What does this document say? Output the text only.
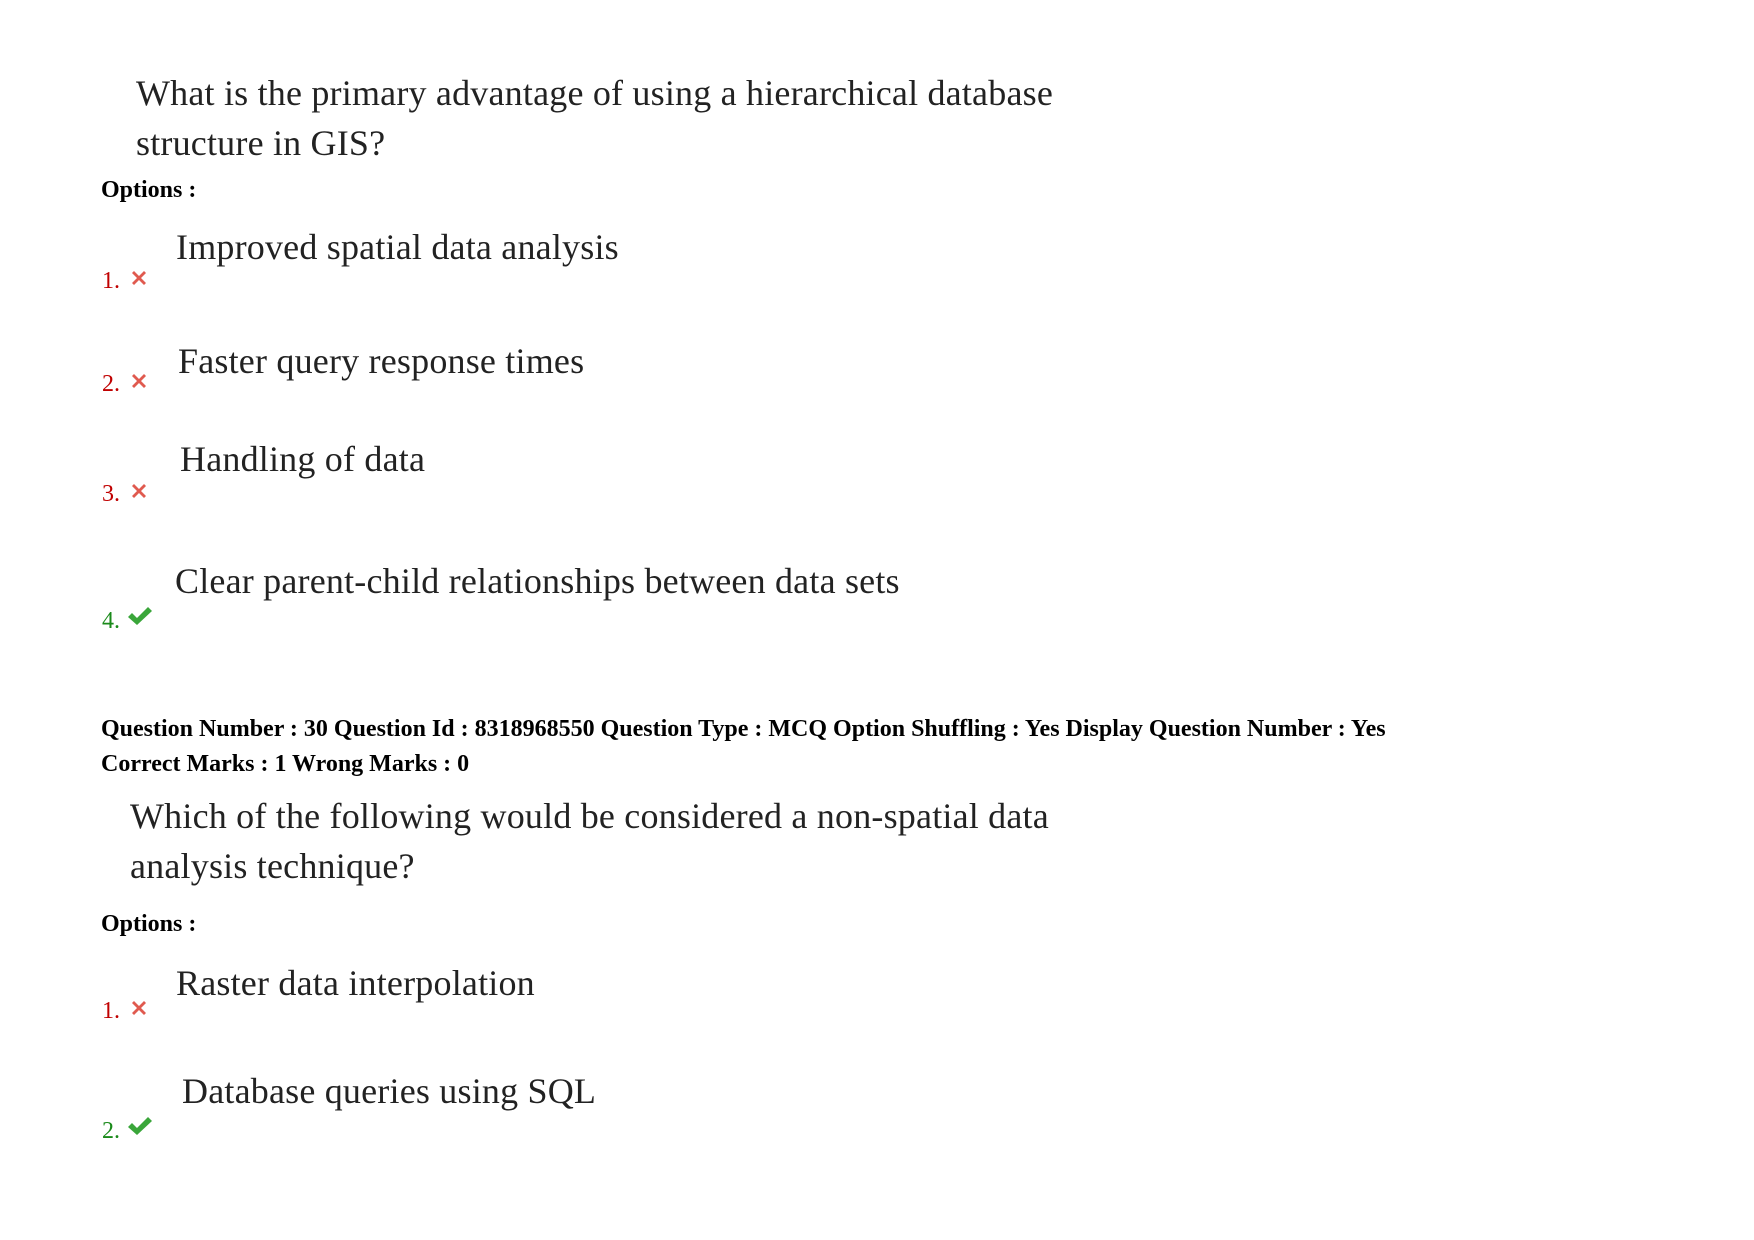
What is the primary advantage of using a hierarchical database
structure in GIS?
Options :
1.
Improved spatial data analysis
2.
Faster query response times
3.
Handling of data
4.
Clear parent-child relationships between data sets
Question Number : 30 Question Id : 8318968550 Question Type : MCQ Option Shuffling : Yes Display Question Number : Yes
Correct Marks : 1 Wrong Marks : 0
Which of the following would be considered a non-spatial data
analysis technique?
Options :
1.
Raster data interpolation
2.
Database queries using SQL
